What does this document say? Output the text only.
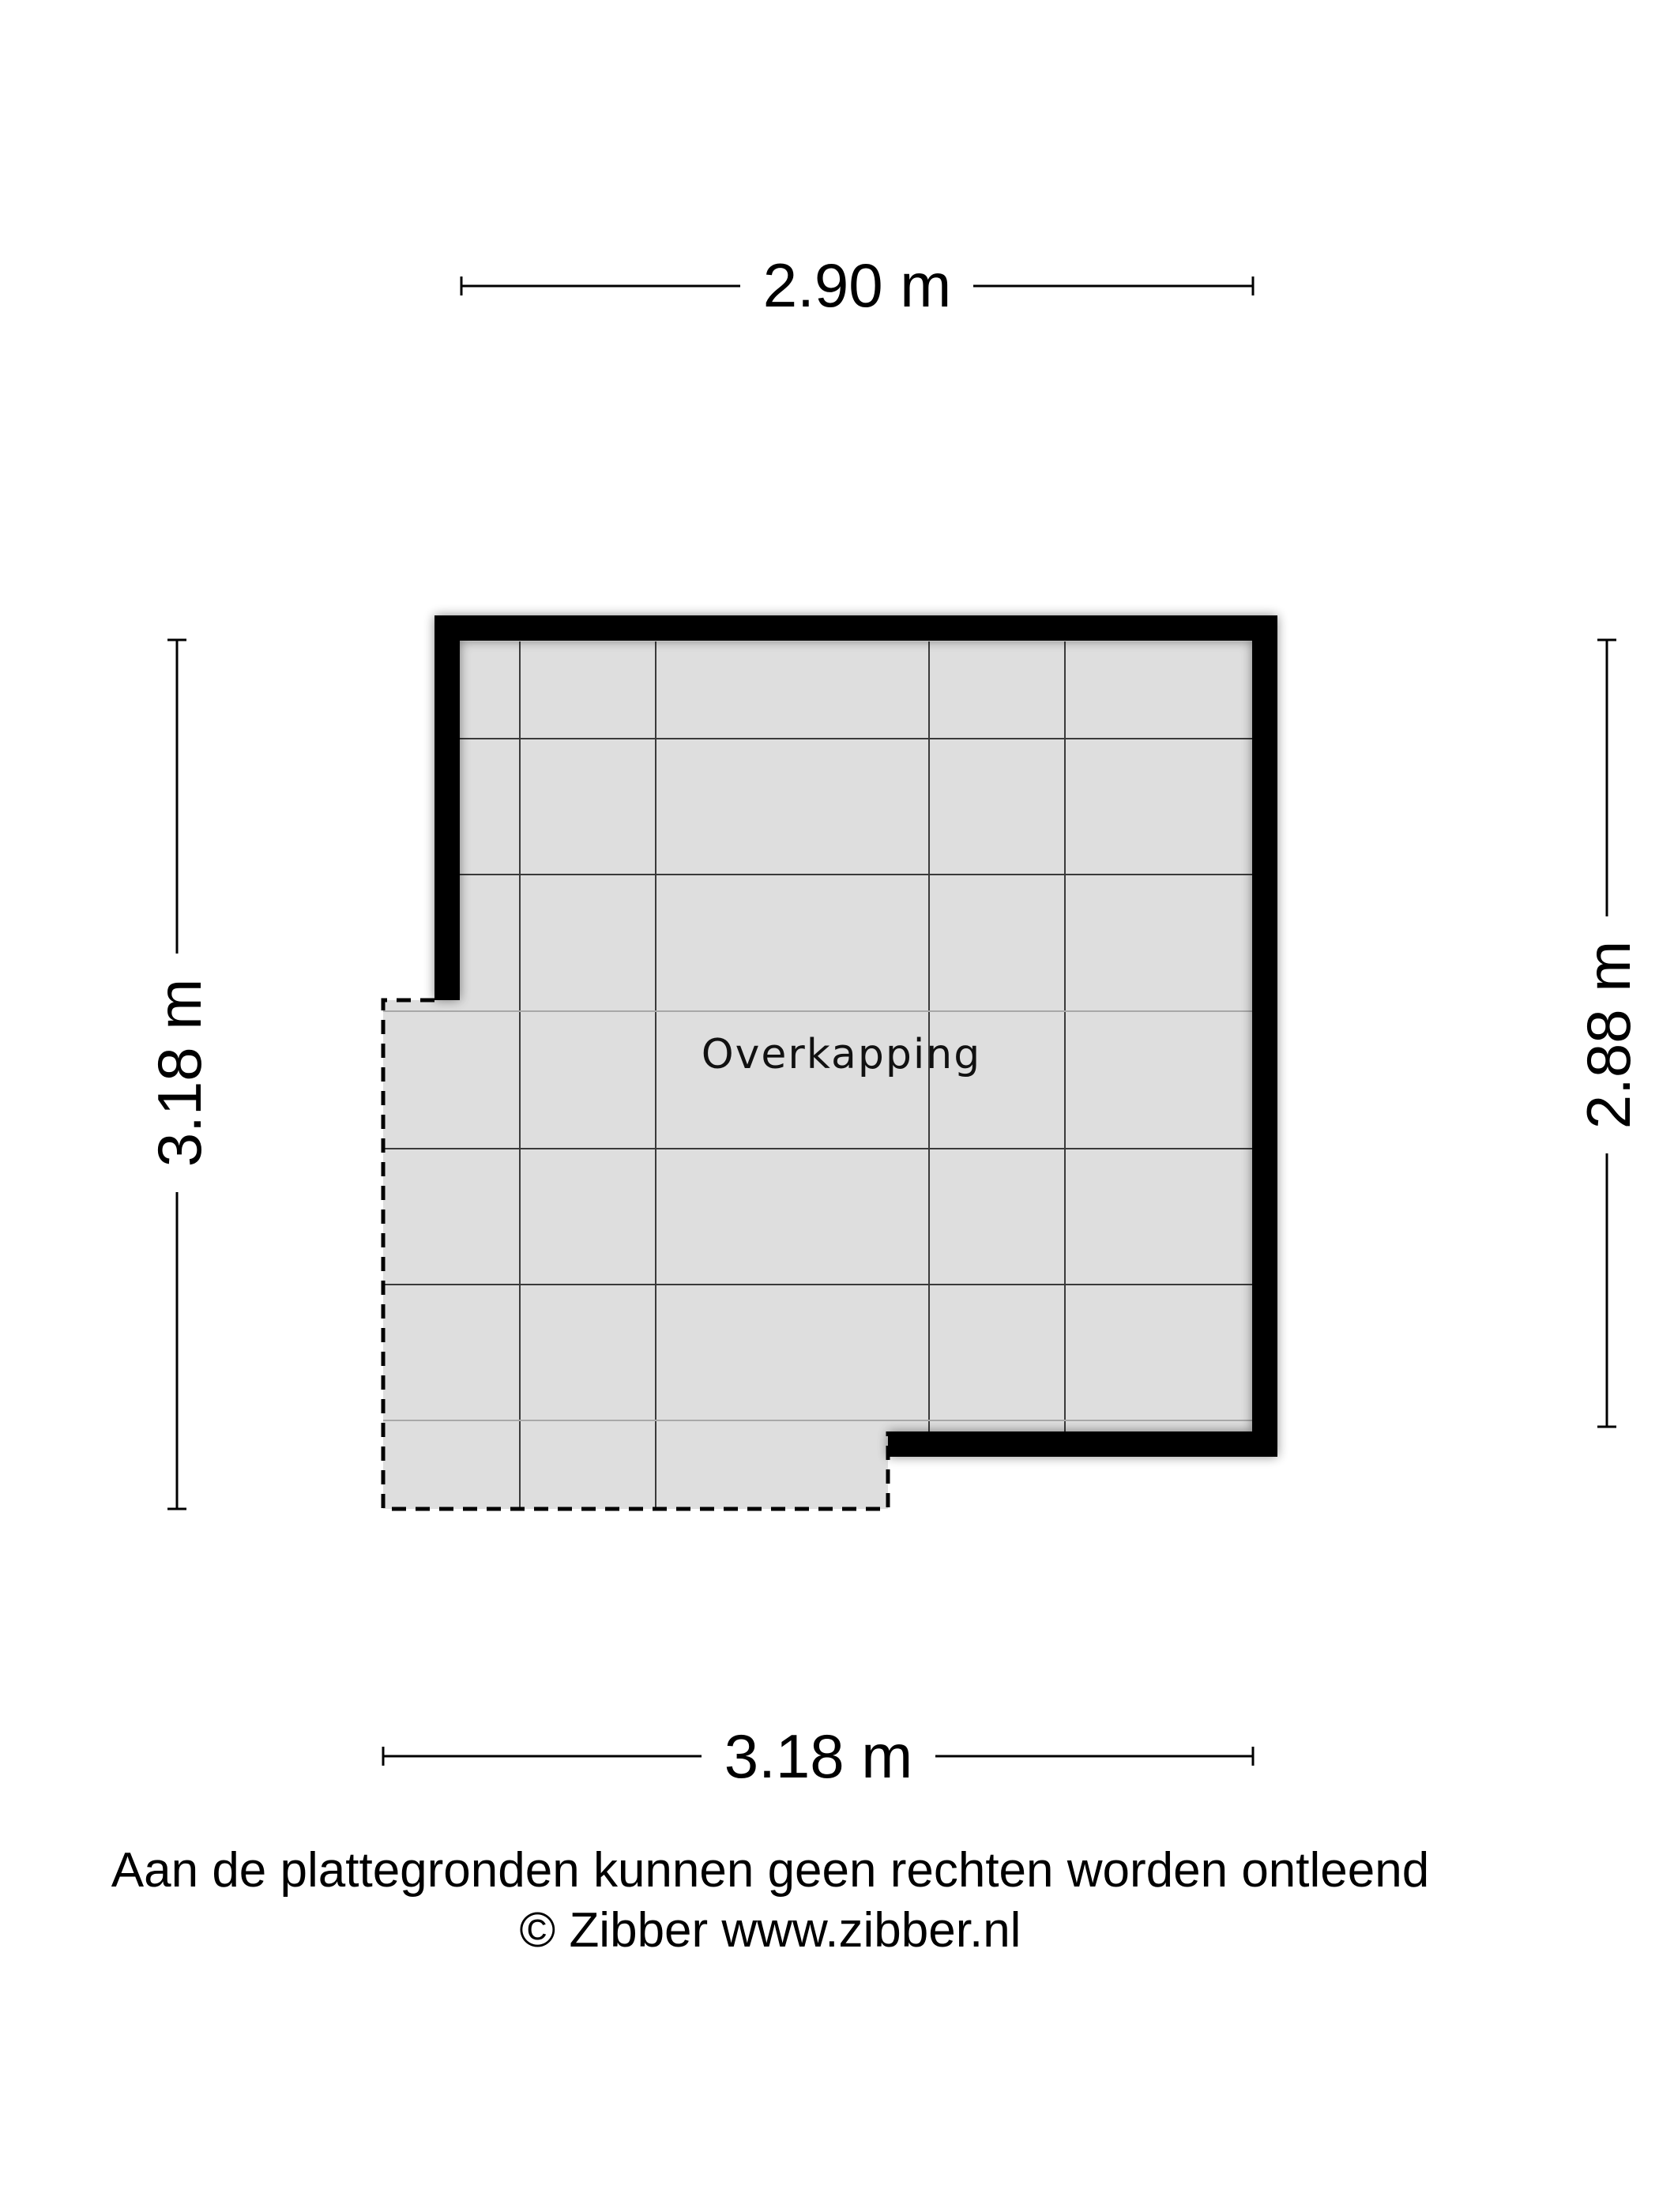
Overkapping
2.90 m
3.18 m
3.18 m	2.88 m
Aan de plattegronden kunnen geen rechten worden ontleend
© Zibber www.zibber.nl
